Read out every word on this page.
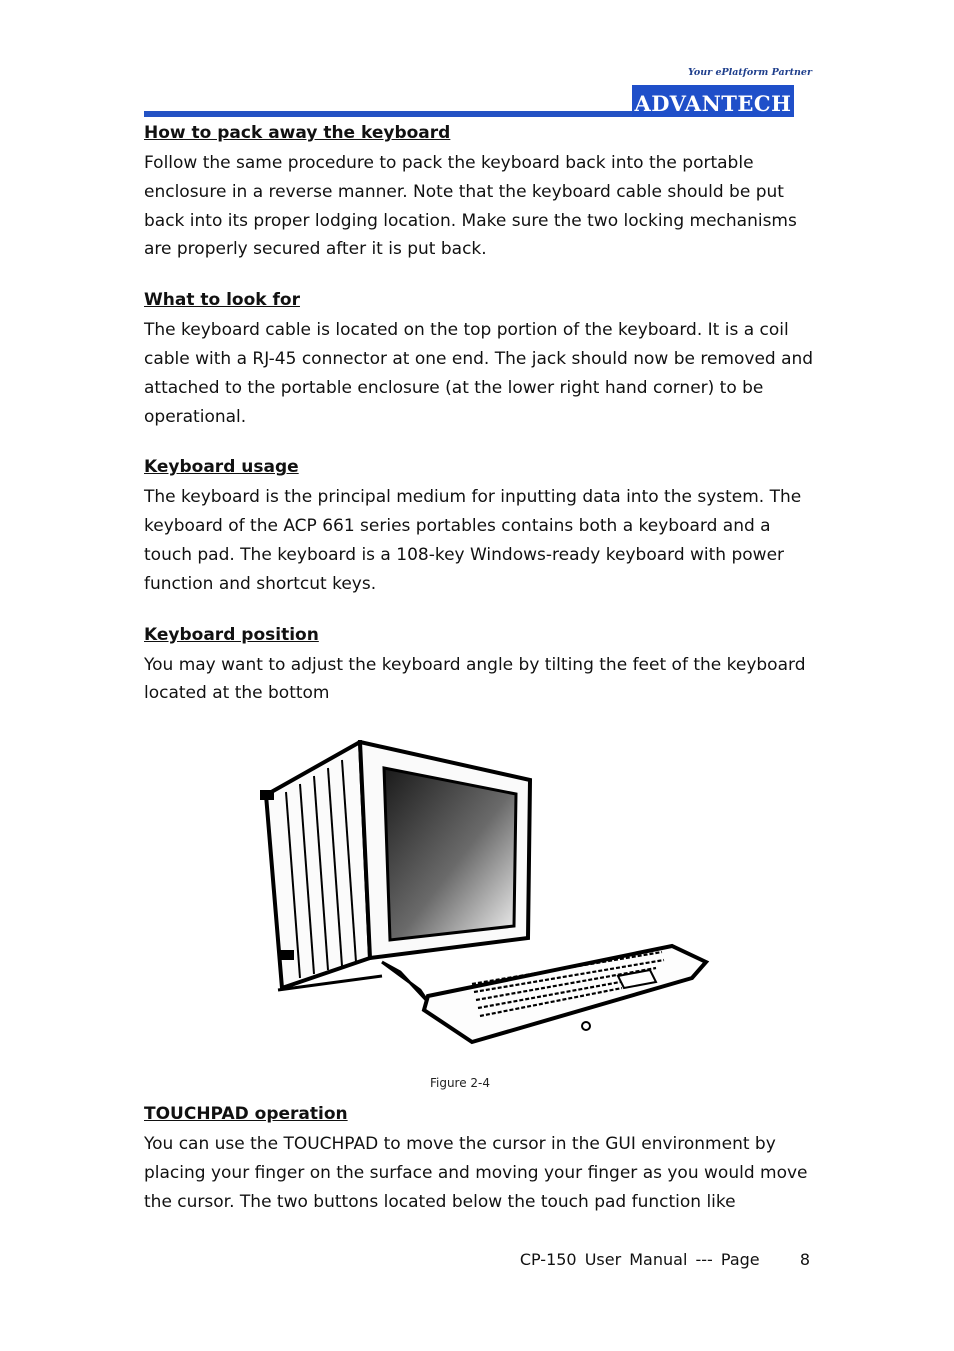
Your ePlatform Partner
ADVANTECH

How to pack away the keyboard

Follow the same procedure to pack the keyboard back into the portable enclosure in a reverse manner. Note that the keyboard cable should be put back into its proper lodging location. Make sure the two locking mechanisms are properly secured after it is put back.

What to look for

The keyboard cable is located on the top portion of the keyboard. It is a coil cable with a RJ-45 connector at one end. The jack should now be removed and attached to the portable enclosure (at the lower right hand corner) to be operational.

Keyboard usage

The keyboard is the principal medium for inputting data into the system. The keyboard of the ACP 661 series portables contains both a keyboard and a touch pad. The keyboard is a 108-key Windows-ready keyboard with power function and shortcut keys.

Keyboard position

You may want to adjust the keyboard angle by tilting the feet of the keyboard located at the bottom

Figure 2-4

TOUCHPAD operation

You can use the TOUCHPAD to move the cursor in the GUI environment by placing your finger on the surface and moving your finger as you would move the cursor. The two buttons located below the touch pad function like

CP-150 User Manual --- Page	8
